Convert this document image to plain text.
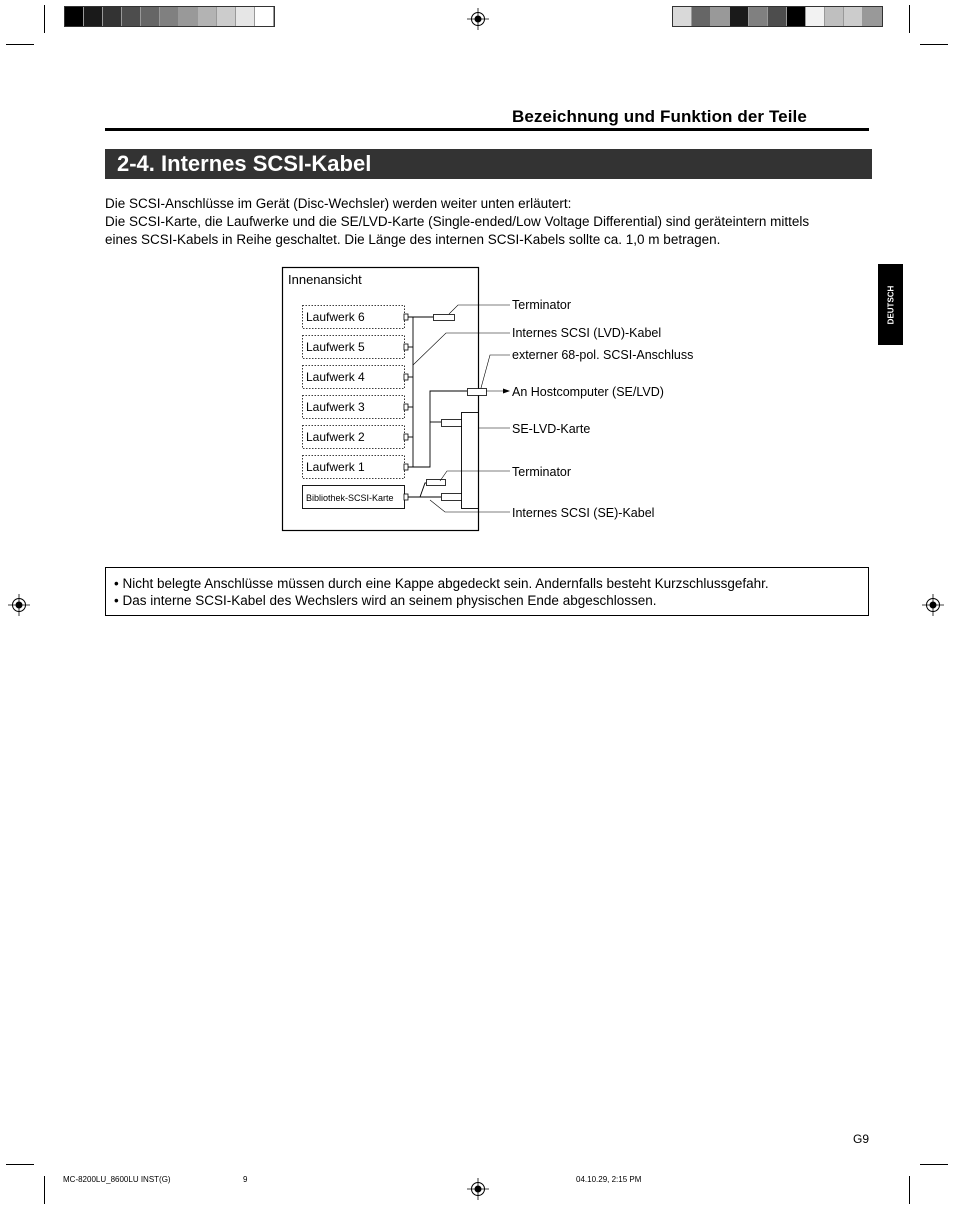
Bezeichnung und Funktion der Teile
2-4. Internes SCSI-Kabel
Die SCSI-Anschlüsse im Gerät (Disc-Wechsler) werden weiter unten erläutert:
Die SCSI-Karte, die Laufwerke und die SE/LVD-Karte (Single-ended/Low Voltage Differential) sind geräteintern mittels
eines SCSI-Kabels in Reihe geschaltet. Die Länge des internen SCSI-Kabels sollte ca. 1,0 m betragen.
DEUTSCH
Innenansicht
Laufwerk 6
Laufwerk 5
Laufwerk 4
Laufwerk 3
Laufwerk 2
Laufwerk 1
Bibliothek-SCSI-Karte
Terminator
Internes SCSI (LVD)-Kabel
externer 68-pol. SCSI-Anschluss
An Hostcomputer (SE/LVD)
SE-LVD-Karte
Terminator
Internes SCSI (SE)-Kabel
• Nicht belegte Anschlüsse müssen durch eine Kappe abgedeckt sein. Andernfalls besteht Kurzschlussgefahr.
• Das interne SCSI-Kabel des Wechslers wird an seinem physischen Ende abgeschlossen.
G9
MC-8200LU_8600LU INST(G)	9	04.10.29, 2:15 PM
